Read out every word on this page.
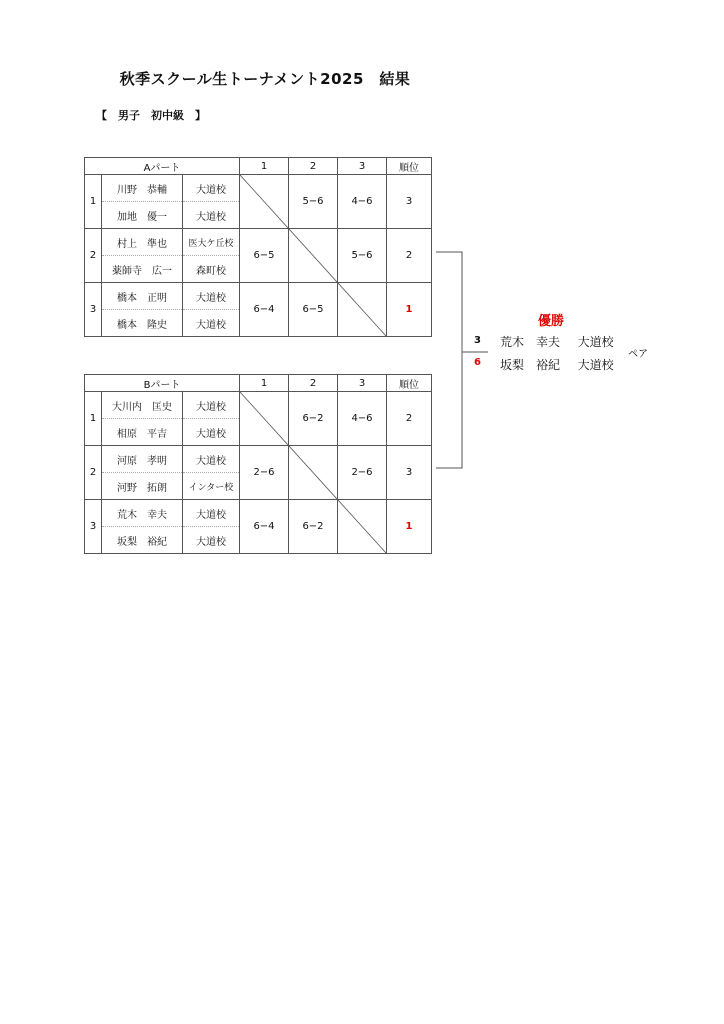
秋季スクール生トーナメント2025　結果
【　男子　初中級　】
Aパート			1	2	3	順位
1	川野　恭輔	大道校		5−6	4−6	3
	加地　優一	大道校				
2	村上　準也	医大ケ丘校	6−5		5−6	2
	薬師寺　広一	森町校				
3	橋本　正明	大道校	6−4	6−5		1
	橋本　隆史	大道校				
Bパート			1	2	3	順位
1	大川内　匡史	大道校		6−2	4−6	2
	相原　平吉	大道校				
2	河原　孝明	大道校	2−6		2−6	3
	河野　拓朗	インター校				
3	荒木　幸夫	大道校	6−4	6−2		1
	坂梨　裕紀	大道校				
3
6
優勝
荒木　幸夫 大道校
坂梨　裕紀 大道校
ペア
